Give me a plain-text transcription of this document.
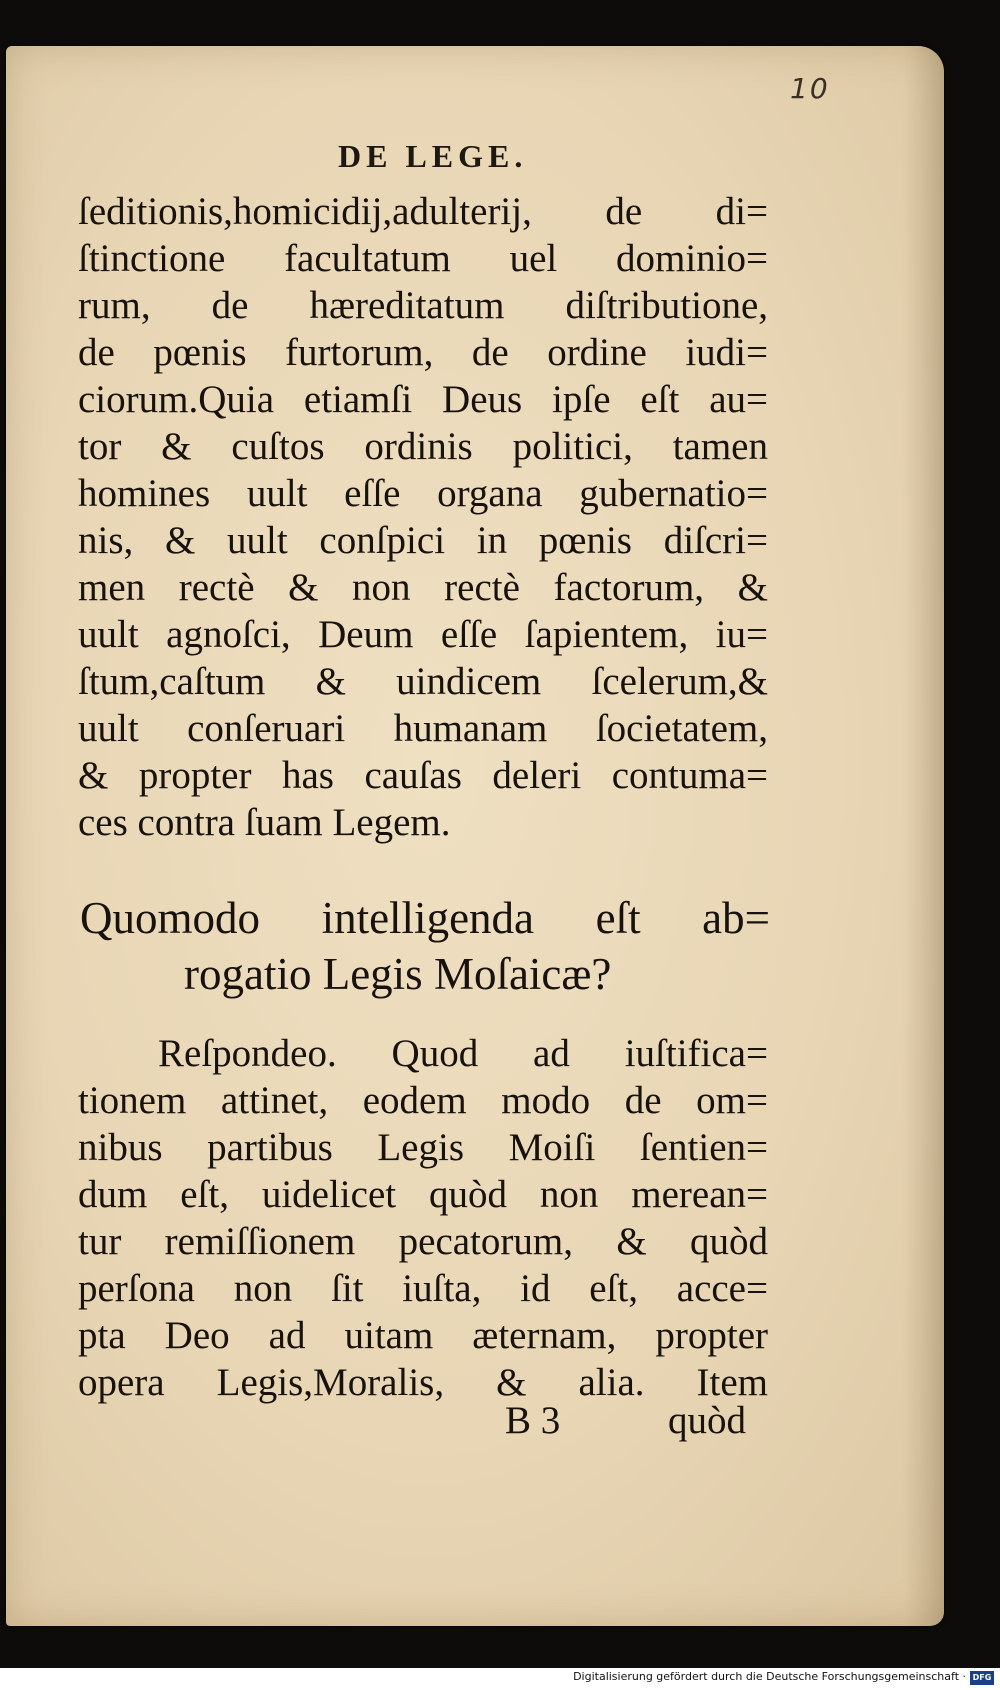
10
DE LEGE.
ſeditionis,homicidij,adulterij, de di=
ſtinctione facultatum uel dominio=
rum, de hæreditatum diſtributione,
de pœnis furtorum, de ordine iudi=
ciorum.Quia etiamſi Deus ipſe eſt au=
tor & cuſtos ordinis politici, tamen
homines uult eſſe organa gubernatio=
nis, & uult conſpici in pœnis diſcri=
men rectè & non rectè factorum, &
uult agnoſci, Deum eſſe ſapientem, iu=
ſtum,caſtum & uindicem ſcelerum,&
uult conſeruari humanam ſocietatem,
& propter has cauſas deleri contuma=
ces contra ſuam Legem.
Quomodo intelligenda eſt ab=
rogatio Legis Moſaicæ?
Reſpondeo. Quod ad iuſtifica=
tionem attinet, eodem modo de om=
nibus partibus Legis Moiſi ſentien=
dum eſt, uidelicet quòd non merean=
tur remiſſionem pecatorum, & quòd
perſona non ſit iuſta, id eſt, acce=
pta Deo ad uitam æternam, propter
opera Legis,Moralis, & alia. Item
B 3	quòd
Digitalisierung gefördert durch die Deutsche Forschungsgemeinschaft · DFG
